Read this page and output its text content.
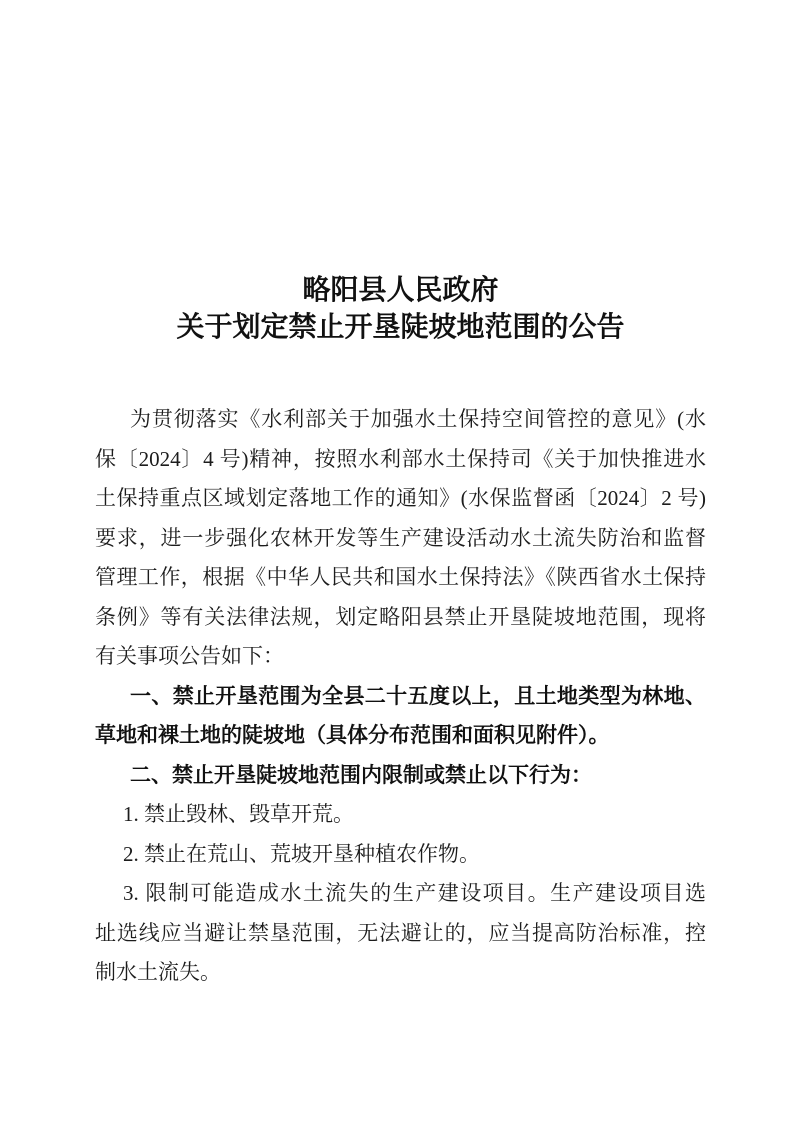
略阳县人民政府
关于划定禁止开垦陡坡地范围的公告
为贯彻落实《水利部关于加强水土保持空间管控的意见》(水
保〔2024〕4 号)精神，按照水利部水土保持司《关于加快推进水
土保持重点区域划定落地工作的通知》(水保监督函〔2024〕2 号)
要求，进一步强化农林开发等生产建设活动水土流失防治和监督
管理工作，根据《中华人民共和国水土保持法》《陕西省水土保持
条例》等有关法律法规，划定略阳县禁止开垦陡坡地范围，现将
有关事项公告如下：
一、禁止开垦范围为全县二十五度以上，且土地类型为林地、
草地和裸土地的陡坡地（具体分布范围和面积见附件）。
二、禁止开垦陡坡地范围内限制或禁止以下行为：
1. 禁止毁林、毁草开荒。
2. 禁止在荒山、荒坡开垦种植农作物。
3. 限制可能造成水土流失的生产建设项目。生产建设项目选
址选线应当避让禁垦范围，无法避让的，应当提高防治标准，控
制水土流失。
